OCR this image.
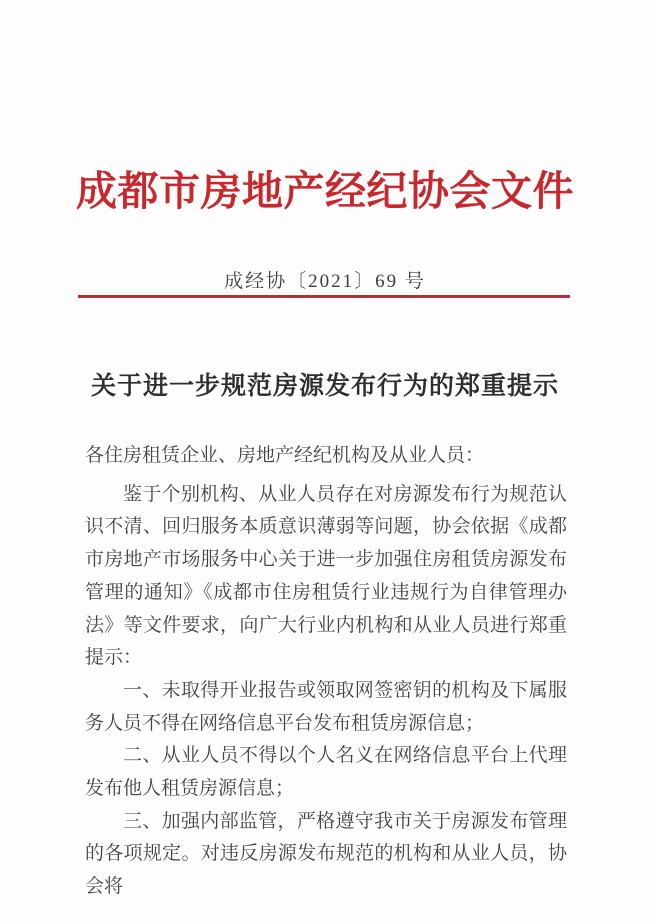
成都市房地产经纪协会文件
成经协〔2021〕69 号
关于进一步规范房源发布行为的郑重提示

各住房租赁企业、房地产经纪机构及从业人员：

鉴于个别机构、从业人员存在对房源发布行为规范认识不清、回归服务本质意识薄弱等问题，协会依据《成都市房地产市场服务中心关于进一步加强住房租赁房源发布管理的通知》《成都市住房租赁行业违规行为自律管理办法》等文件要求，向广大行业内机构和从业人员进行郑重提示：

一、未取得开业报告或领取网签密钥的机构及下属服务人员不得在网络信息平台发布租赁房源信息；

二、从业人员不得以个人名义在网络信息平台上代理发布他人租赁房源信息；

三、加强内部监管，严格遵守我市关于房源发布管理的各项规定。对违反房源发布规范的机构和从业人员，协会将
